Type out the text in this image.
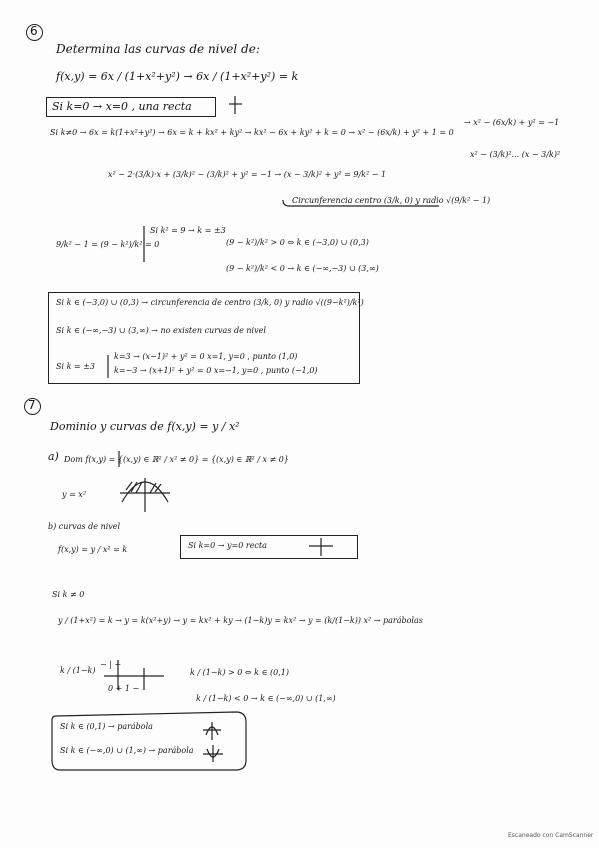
6
Determina las curvas de nivel de:
f(x,y) = 6x / (1+x²+y²) → 6x / (1+x²+y²) = k
Si k=0 → x=0 , una recta
Si k≠0 → 6x = k(1+x²+y²) → 6x = k + kx² + ky² → kx² − 6x + ky² + k = 0 → x² − (6x/k) + y² + 1 = 0
→ x² − (6x/k) + y² = −1
x² − (3/k)²... (x − 3/k)²
x² − 2·(3/k)·x + (3/k)² − (3/k)² + y² = −1 → (x − 3/k)² + y² = 9/k² − 1
Circunferencia centro (3/k, 0) y radio √(9/k² − 1)
9/k² − 1 = (9 − k²)/k² = 0
Si k² = 9 → k = ±3
(9 − k²)/k² > 0 ⇔ k ∈ (−3,0) ∪ (0,3)
(9 − k²)/k² < 0 → k ∈ (−∞,−3) ∪ (3,∞)
Si k ∈ (−3,0) ∪ (0,3) → circunferencia de centro (3/k, 0) y radio √((9−k²)/k²)
Si k ∈ (−∞,−3) ∪ (3,∞) → no existen curvas de nivel
Si k = ±3
k=3 → (x−1)² + y² = 0 x=1, y=0 , punto (1,0)
k=−3 → (x+1)² + y² = 0 x=−1, y=0 , punto (−1,0)
7
Dominio y curvas de f(x,y) = y / x²
a) Dom f(x,y) = {(x,y) ∈ ℝ² / x² ≠ 0} = {(x,y) ∈ ℝ² / x ≠ 0}
y = x²
b) curvas de nivel
f(x,y) = y / x² = k	Si k=0 → y=0 recta
Si k ≠ 0
y / (1+x²) = k → y = k(x²+y) → y = kx² + ky → (1−k)y = kx² → y = (k/(1−k)) x² → parábolas
k / (1−k)
− | +
0 + 1 −
k / (1−k) > 0 ⇔ k ∈ (0,1)
k / (1−k) < 0 → k ∈ (−∞,0) ∪ (1,∞)
Si k ∈ (0,1) → parábola
Si k ∈ (−∞,0) ∪ (1,∞) → parábola
Escaneado con CamScanner
